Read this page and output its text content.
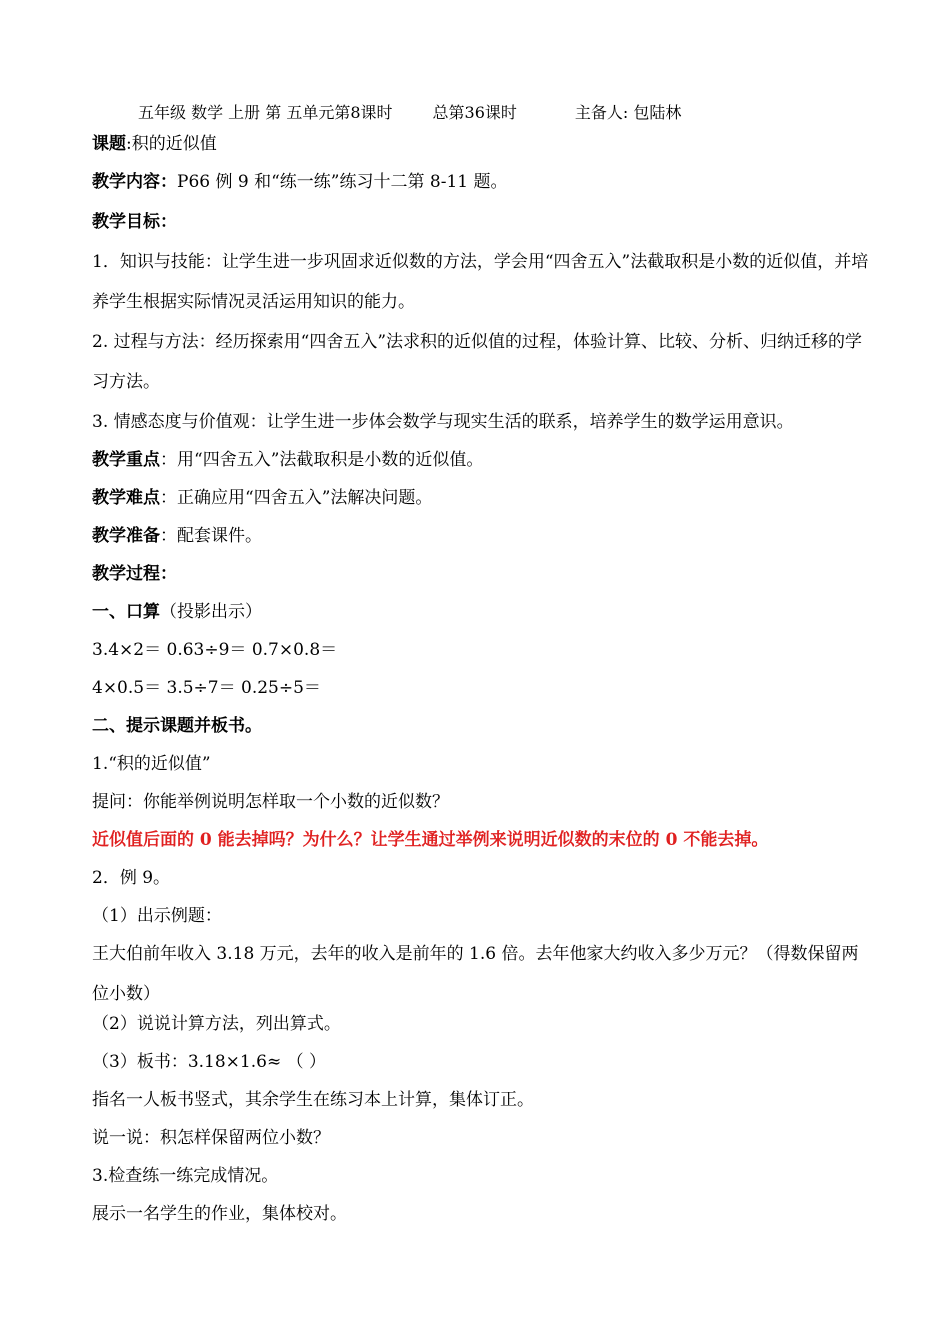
五年级 数学 上册 第 五单元第8课时	总第36课时	主备人: 包陆林
课题:积的近似值
教学内容：P66 例 9 和“练一练”练习十二第 8-11 题。
教学目标：
1．知识与技能：让学生进一步巩固求近似数的方法，学会用“四舍五入”法截取积是小数的近似值，并培养学生根据实际情况灵活运用知识的能力。
2. 过程与方法：经历探索用“四舍五入”法求积的近似值的过程，体验计算、比较、分析、归纳迁移的学习方法。
3. 情感态度与价值观：让学生进一步体会数学与现实生活的联系，培养学生的数学运用意识。
教学重点：用“四舍五入”法截取积是小数的近似值。
教学难点：正确应用“四舍五入”法解决问题。
教学准备：配套课件。
教学过程：
一、口算（投影出示）
3.4×2＝ 0.63÷9＝ 0.7×0.8＝
4×0.5＝ 3.5÷7＝ 0.25÷5＝
二、提示课题并板书。
1.“积的近似值”
提问：你能举例说明怎样取一个小数的近似数？
近似值后面的 0 能去掉吗？为什么？让学生通过举例来说明近似数的末位的 0 不能去掉。
2．例 9。
（1）出示例题：
王大伯前年收入 3.18 万元，去年的收入是前年的 1.6 倍。去年他家大约收入多少万元？（得数保留两位小数）
（2）说说计算方法，列出算式。
（3）板书：3.18×1.6≈ （ ）
指名一人板书竖式，其余学生在练习本上计算，集体订正。
说一说：积怎样保留两位小数？
3.检查练一练完成情况。
展示一名学生的作业，集体校对。
